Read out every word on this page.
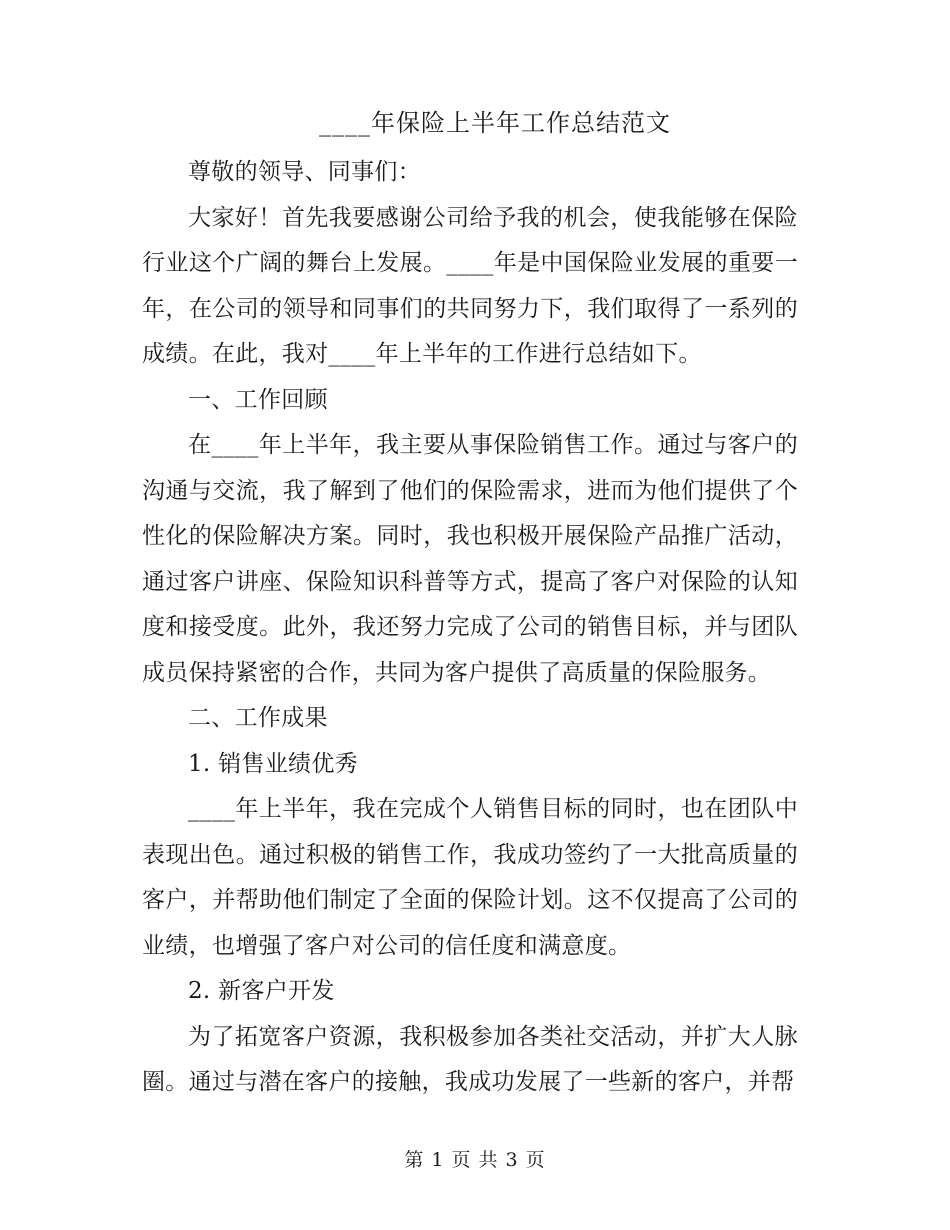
____年保险上半年工作总结范文

尊敬的领导、同事们：

大家好！首先我要感谢公司给予我的机会，使我能够在保险行业这个广阔的舞台上发展。____年是中国保险业发展的重要一年，在公司的领导和同事们的共同努力下，我们取得了一系列的成绩。在此，我对____年上半年的工作进行总结如下。

一、工作回顾

在____年上半年，我主要从事保险销售工作。通过与客户的沟通与交流，我了解到了他们的保险需求，进而为他们提供了个性化的保险解决方案。同时，我也积极开展保险产品推广活动，通过客户讲座、保险知识科普等方式，提高了客户对保险的认知度和接受度。此外，我还努力完成了公司的销售目标，并与团队成员保持紧密的合作，共同为客户提供了高质量的保险服务。

二、工作成果

1. 销售业绩优秀

____年上半年，我在完成个人销售目标的同时，也在团队中表现出色。通过积极的销售工作，我成功签约了一大批高质量的客户，并帮助他们制定了全面的保险计划。这不仅提高了公司的业绩，也增强了客户对公司的信任度和满意度。

2. 新客户开发

为了拓宽客户资源，我积极参加各类社交活动，并扩大人脉圈。通过与潜在客户的接触，我成功发展了一些新的客户，并帮

第 1 页 共 3 页
